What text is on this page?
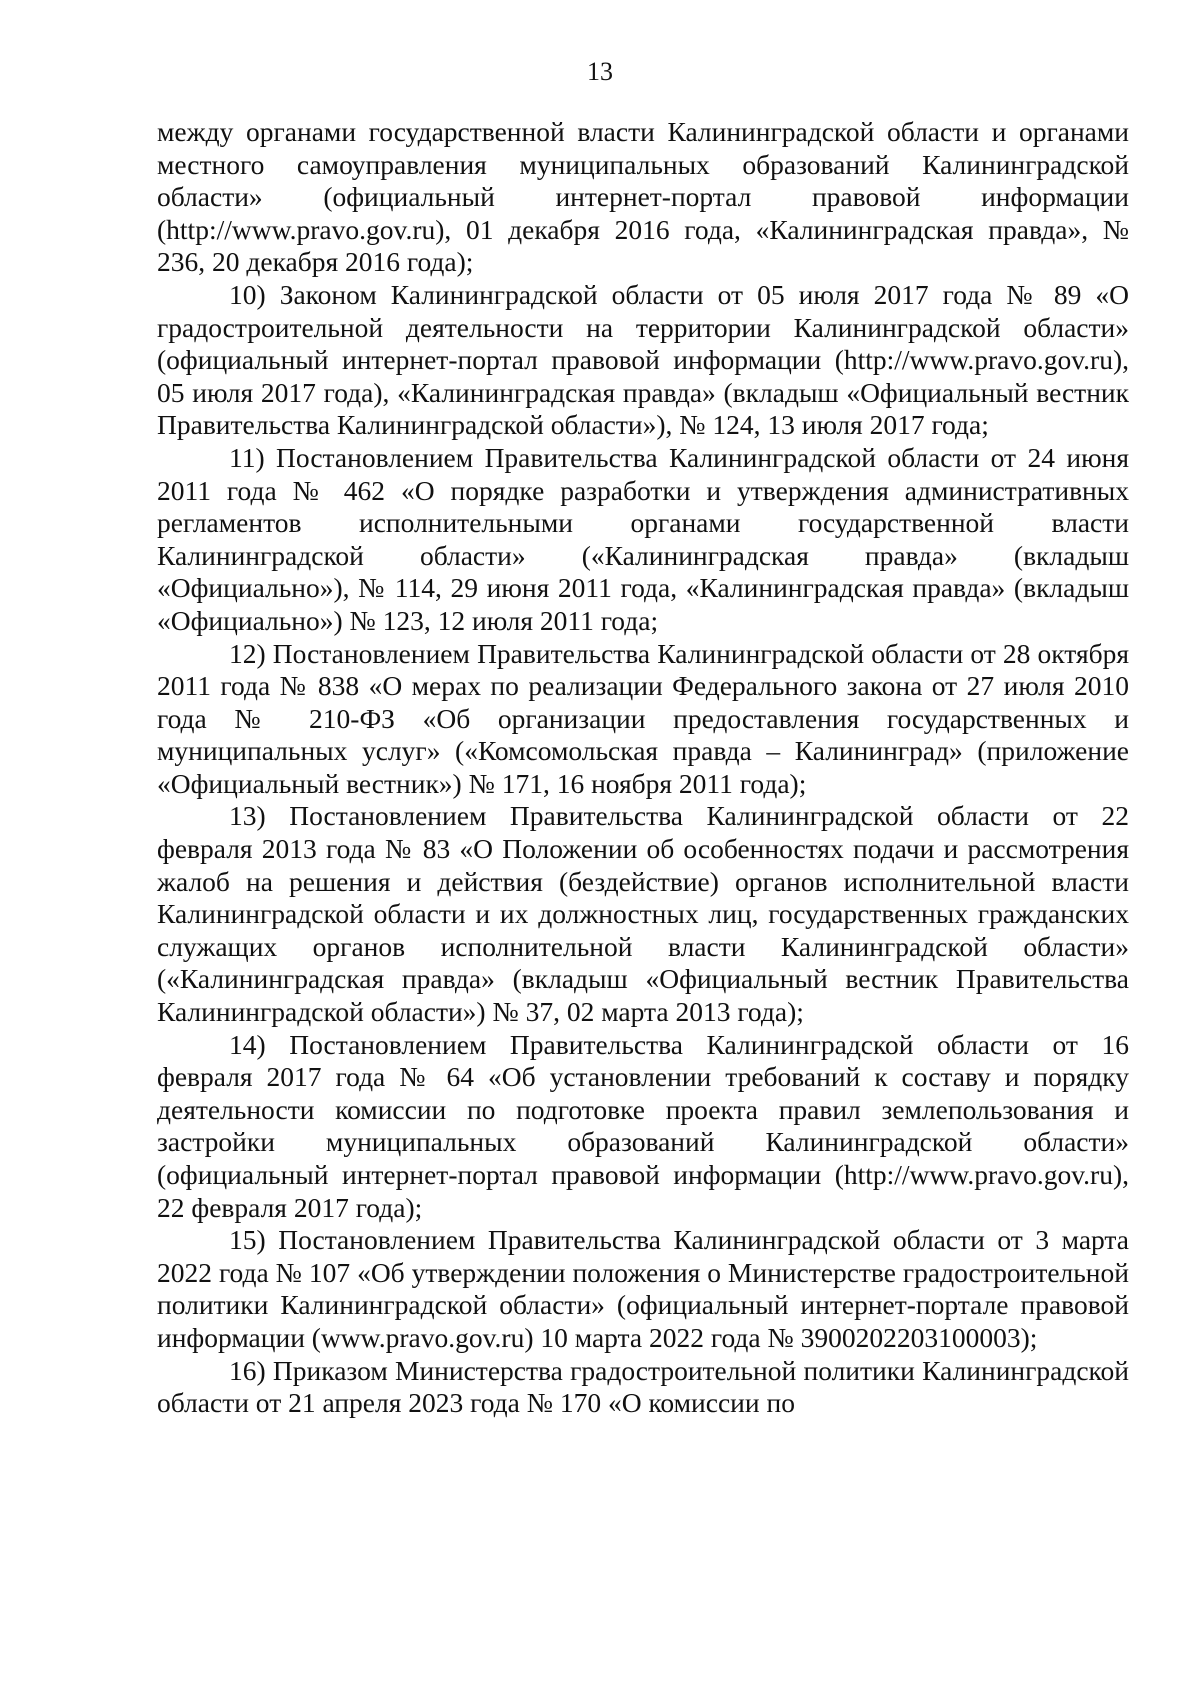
13

между органами государственной власти Калининградской области и органами местного самоуправления муниципальных образований Калининградской области» (официальный интернет-портал правовой информации (http://www.pravo.gov.ru), 01 декабря 2016 года, «Калининградская правда», № 236, 20 декабря 2016 года);

10) Законом Калининградской области от 05 июля 2017 года № 89 «О градостроительной деятельности на территории Калининградской области» (официальный интернет-портал правовой информации (http://www.pravo.gov.ru), 05 июля 2017 года), «Калининградская правда» (вкладыш «Официальный вестник Правительства Калининградской области»), № 124, 13 июля 2017 года;

11) Постановлением Правительства Калининградской области от 24 июня 2011 года № 462 «О порядке разработки и утверждения административных регламентов исполнительными органами государственной власти Калининградской области» («Калининградская правда» (вкладыш «Официально»), № 114, 29 июня 2011 года, «Калининградская правда» (вкладыш «Официально») № 123, 12 июля 2011 года;

12) Постановлением Правительства Калининградской области от 28 октября 2011 года № 838 «О мерах по реализации Федерального закона от 27 июля 2010 года № 210-ФЗ «Об организации предоставления государственных и муниципальных услуг» («Комсомольская правда – Калининград» (приложение «Официальный вестник») № 171, 16 ноября 2011 года);

13) Постановлением Правительства Калининградской области от 22 февраля 2013 года № 83 «О Положении об особенностях подачи и рассмотрения жалоб на решения и действия (бездействие) органов исполнительной власти Калининградской области и их должностных лиц, государственных гражданских служащих органов исполнительной власти Калининградской области» («Калининградская правда» (вкладыш «Официальный вестник Правительства Калининградской области») № 37, 02 марта 2013 года);

14) Постановлением Правительства Калининградской области от 16 февраля 2017 года № 64 «Об установлении требований к составу и порядку деятельности комиссии по подготовке проекта правил землепользования и застройки муниципальных образований Калининградской области» (официальный интернет-портал правовой информации (http://www.pravo.gov.ru), 22 февраля 2017 года);

15) Постановлением Правительства Калининградской области от 3 марта 2022 года № 107 «Об утверждении положения о Министерстве градостроительной политики Калининградской области» (официальный интернет-портале правовой информации (www.pravo.gov.ru) 10 марта 2022 года № 3900202203100003);

16) Приказом Министерства градостроительной политики Калининградской области от 21 апреля 2023 года № 170 «О комиссии по
